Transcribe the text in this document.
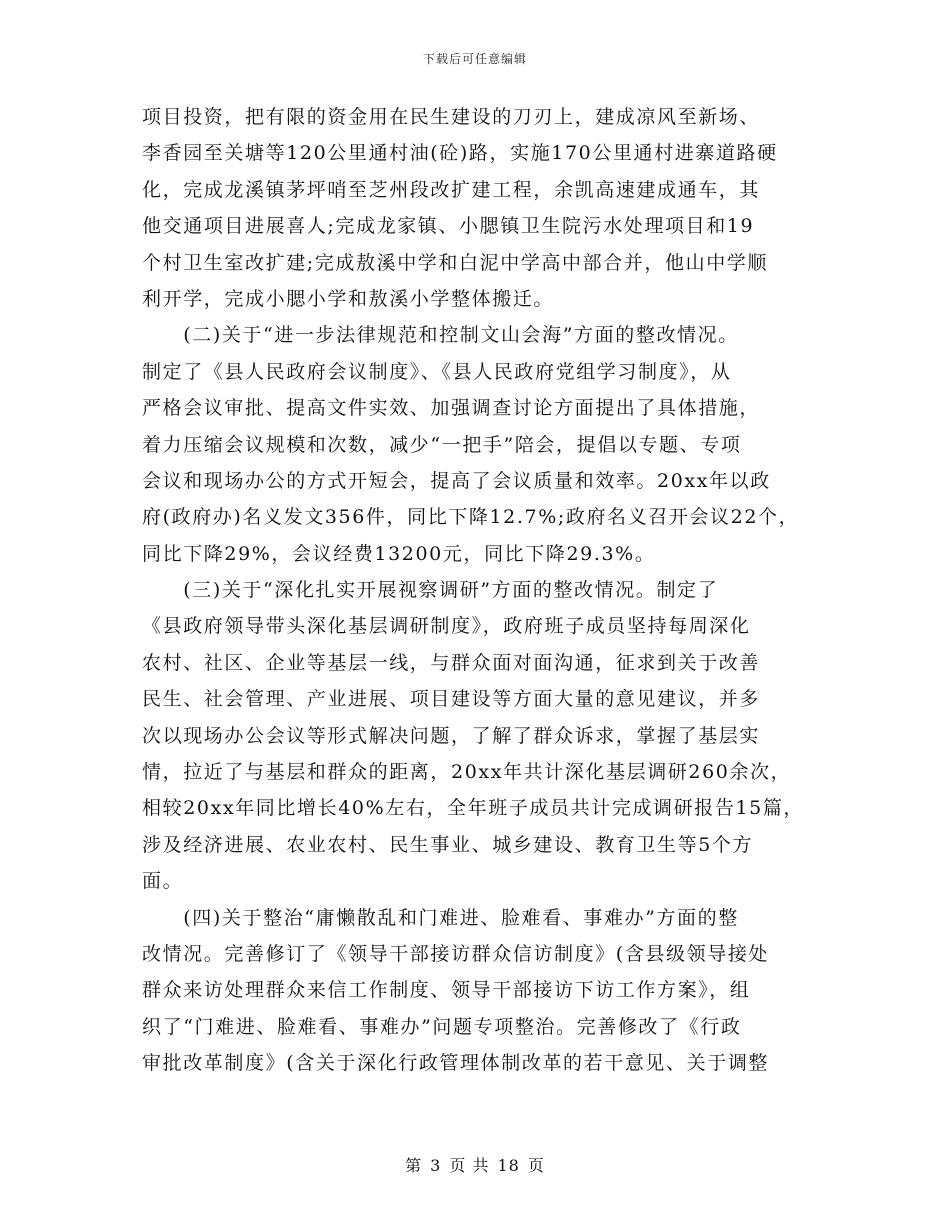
下载后可任意编辑
项目投资，把有限的资金用在民生建设的刀刃上，建成凉风至新场、
李香园至关塘等120公里通村油(砼)路，实施170公里通村进寨道路硬
化，完成龙溪镇茅坪哨至芝州段改扩建工程，余凯高速建成通车，其
他交通项目进展喜人;完成龙家镇、小腮镇卫生院污水处理项目和19
个村卫生室改扩建;完成敖溪中学和白泥中学高中部合并，他山中学顺
利开学，完成小腮小学和敖溪小学整体搬迁。
　　(二)关于“进一步法律规范和控制文山会海”方面的整改情况。
制定了《县人民政府会议制度》、《县人民政府党组学习制度》，从
严格会议审批、提高文件实效、加强调查讨论方面提出了具体措施，
着力压缩会议规模和次数，减少“一把手”陪会，提倡以专题、专项
会议和现场办公的方式开短会，提高了会议质量和效率。20xx年以政
府(政府办)名义发文356件，同比下降12.7%;政府名义召开会议22个，
同比下降29%，会议经费13200元，同比下降29.3%。
　　(三)关于“深化扎实开展视察调研”方面的整改情况。制定了
《县政府领导带头深化基层调研制度》，政府班子成员坚持每周深化
农村、社区、企业等基层一线，与群众面对面沟通，征求到关于改善
民生、社会管理、产业进展、项目建设等方面大量的意见建议，并多
次以现场办公会议等形式解决问题，了解了群众诉求，掌握了基层实
情，拉近了与基层和群众的距离，20xx年共计深化基层调研260余次，
相较20xx年同比增长40%左右，全年班子成员共计完成调研报告15篇，
涉及经济进展、农业农村、民生事业、城乡建设、教育卫生等5个方
面。
　　(四)关于整治“庸懒散乱和门难进、脸难看、事难办”方面的整
改情况。完善修订了《领导干部接访群众信访制度》(含县级领导接处
群众来访处理群众来信工作制度、领导干部接访下访工作方案》，组
织了“门难进、脸难看、事难办”问题专项整治。完善修改了《行政
审批改革制度》(含关于深化行政管理体制改革的若干意见、关于调整
第 3 页 共 18 页
